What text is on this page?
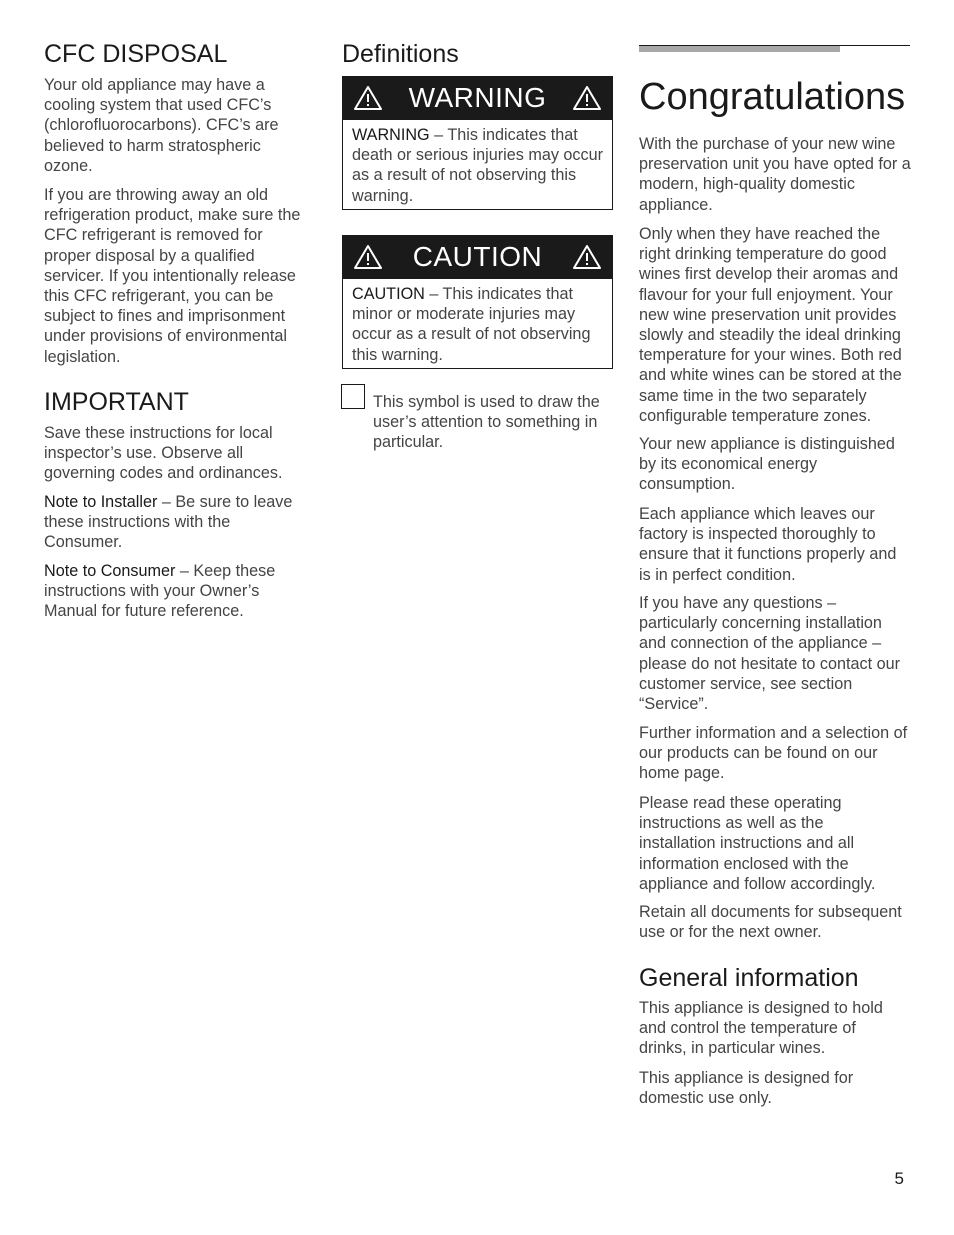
CFC DISPOSAL

Your old appliance may have a cooling system that used CFC’s (chlorofluorocarbons). CFC’s are believed to harm stratospheric ozone.

If you are throwing away an old refrigeration product, make sure the CFC refrigerant is removed for proper disposal by a qualified servicer. If you intentionally release this CFC refrigerant, you can be subject to fines and imprisonment under provisions of environmental legislation.

IMPORTANT

Save these instructions for local inspector’s use. Observe all governing codes and ordinances.

Note to Installer – Be sure to leave these instructions with the Consumer.

Note to Consumer – Keep these instructions with your Owner’s Manual for future reference.

Definitions
WARNING

WARNING – This indicates that death or serious injuries may occur as a result of not observing this warning.

CAUTION

CAUTION – This indicates that minor or moderate injuries may occur as a result of not observing this warning.

This symbol is used to draw the user’s attention to something in particular.

Congratulations

With the purchase of your new wine preservation unit you have opted for a modern, high-quality domestic appliance.

Only when they have reached the right drinking temperature do good wines first develop their aromas and flavour for your full enjoyment. Your new wine preservation unit provides slowly and steadily the ideal drinking temperature for your wines. Both red and white wines can be stored at the same time in the two separately configurable temperature zones.

Your new appliance is distinguished by its economical energy consumption.

Each appliance which leaves our factory is inspected thoroughly to ensure that it functions properly and is in perfect condition.

If you have any questions – particularly concerning installation and connection of the appliance – please do not hesitate to contact our customer service, see section “Service”.

Further information and a selection of our products can be found on our home page.

Please read these operating instructions as well as the installation instructions and all information enclosed with the appliance and follow accordingly.

Retain all documents for subsequent use or for the next owner.

General information

This appliance is designed to hold and control the temperature of drinks, in particular wines.

This appliance is designed for domestic use only.

5
